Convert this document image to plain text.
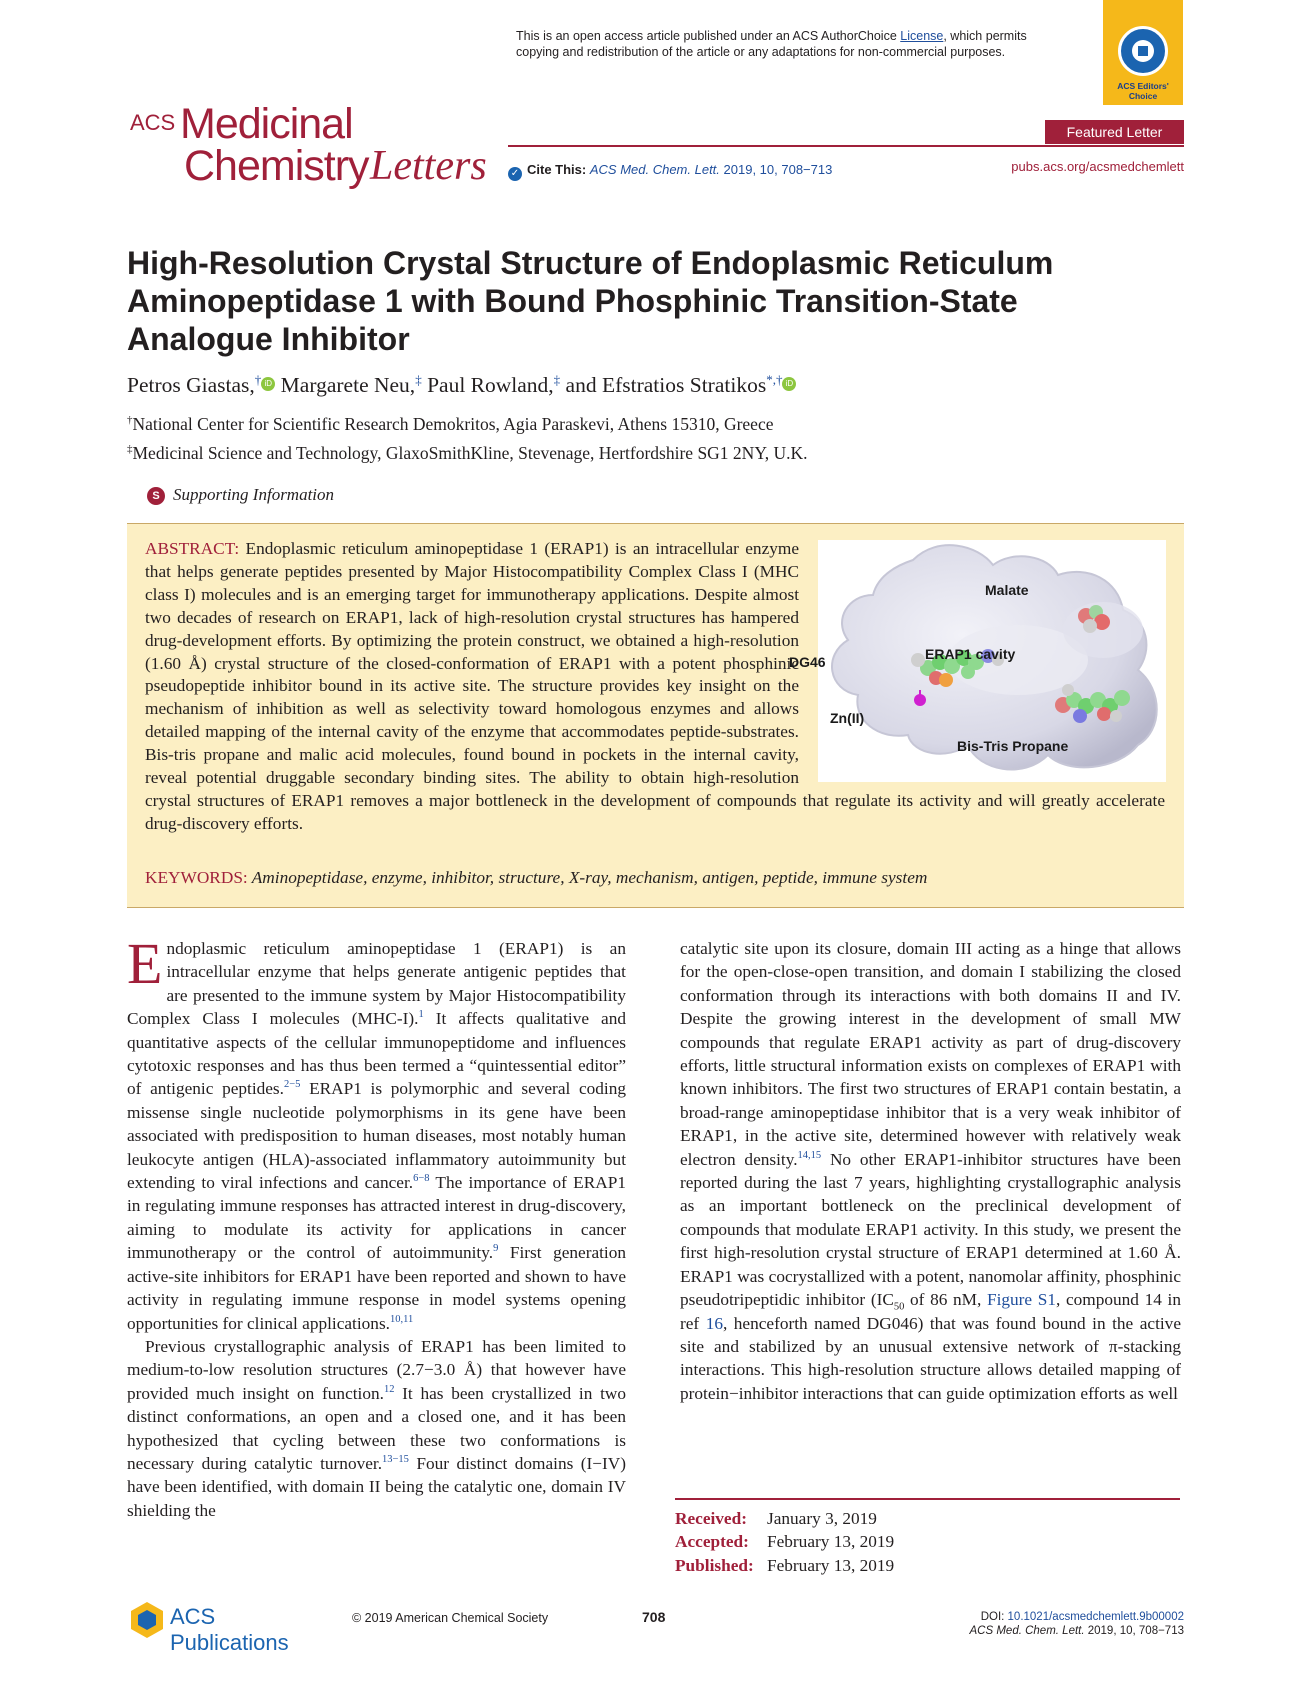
This is an open access article published under an ACS AuthorChoice License, which permits
copying and redistribution of the article or any adaptations for non-commercial purposes.
ACS Editors' Choice
ACS Medicinal
Chemistry Letters
Featured Letter
✓ Cite This: ACS Med. Chem. Lett. 2019, 10, 708−713	pubs.acs.org/acsmedchemlett
High-Resolution Crystal Structure of Endoplasmic Reticulum Aminopeptidase 1 with Bound Phosphinic Transition-State Analogue Inhibitor
Petros Giastas,† iD Margarete Neu,‡ Paul Rowland,‡ and Efstratios Stratikos*,† iD
†National Center for Scientific Research Demokritos, Agia Paraskevi, Athens 15310, Greece
‡Medicinal Science and Technology, GlaxoSmithKline, Stevenage, Hertfordshire SG1 2NY, U.K.
S Supporting Information
ABSTRACT: Endoplasmic reticulum aminopeptidase 1 (ERAP1) is an intracellular enzyme that helps generate peptides presented by Major Histocompatibility Complex Class I (MHC class I) molecules and is an emerging target for immunotherapy applications. Despite almost two decades of research on ERAP1, lack of high-resolution crystal structures has hampered drug-development efforts. By optimizing the protein construct, we obtained a high-resolution (1.60 Å) crystal structure of the closed-conformation of ERAP1 with a potent phosphinic pseudopeptide inhibitor bound in its active site. The structure provides key insight on the mechanism of inhibition as well as selectivity toward homologous enzymes and allows detailed mapping of the internal cavity of the enzyme that accommodates peptide-substrates. Bis-tris propane and malic acid molecules, found bound in pockets in the internal cavity, reveal potential druggable secondary binding sites. The ability to obtain high-resolution crystal structures of ERAP1 removes a major bottleneck in the development of compounds that regulate its activity and will greatly accelerate drug-discovery efforts.
KEYWORDS: Aminopeptidase, enzyme, inhibitor, structure, X-ray, mechanism, antigen, peptide, immune system
Malate
ERAP1 cavity
DG46
Zn(II)
Bis-Tris Propane

Endoplasmic reticulum aminopeptidase 1 (ERAP1) is an intracellular enzyme that helps generate antigenic peptides that are presented to the immune system by Major Histocompatibility Complex Class I molecules (MHC-I).$^1$ It affects qualitative and quantitative aspects of the cellular immunopeptidome and influences cytotoxic responses and has thus been termed a “quintessential editor” of antigenic peptides.$^{2-5}$ ERAP1 is polymorphic and several coding missense single nucleotide polymorphisms in its gene have been associated with predisposition to human diseases, most notably human leukocyte antigen (HLA)-associated inflammatory autoimmunity but extending to viral infections and cancer.$^{6-8}$ The importance of ERAP1 in regulating immune responses has attracted interest in drug-discovery, aiming to modulate its activity for applications in cancer immunotherapy or the control of autoimmunity.$^9$ First generation active-site inhibitors for ERAP1 have been reported and shown to have activity in regulating immune response in model systems opening opportunities for clinical applications.$^{10,11}$

Previous crystallographic analysis of ERAP1 has been limited to medium-to-low resolution structures (2.7−3.0 Å) that however have provided much insight on function.$^{12}$ It has been crystallized in two distinct conformations, an open and a closed one, and it has been hypothesized that cycling between these two conformations is necessary during catalytic turnover.$^{13-15}$ Four distinct domains (I−IV) have been identified, with domain II being the catalytic one, domain IV shielding the

catalytic site upon its closure, domain III acting as a hinge that allows for the open-close-open transition, and domain I stabilizing the closed conformation through its interactions with both domains II and IV. Despite the growing interest in the development of small MW compounds that regulate ERAP1 activity as part of drug-discovery efforts, little structural information exists on complexes of ERAP1 with known inhibitors. The first two structures of ERAP1 contain bestatin, a broad-range aminopeptidase inhibitor that is a very weak inhibitor of ERAP1, in the active site, determined however with relatively weak electron density.$^{14,15}$ No other ERAP1-inhibitor structures have been reported during the last 7 years, highlighting crystallographic analysis as an important bottleneck on the preclinical development of compounds that modulate ERAP1 activity. In this study, we present the first high-resolution crystal structure of ERAP1 determined at 1.60 Å. ERAP1 was cocrystallized with a potent, nanomolar affinity, phosphinic pseudotripeptidic inhibitor ($IC_{50}$ of 86 nM, Figure S1, compound 14 in ref 16, henceforth named DG046) that was found bound in the active site and stabilized by an unusual extensive network of π-stacking interactions. This high-resolution structure allows detailed mapping of protein−inhibitor interactions that can guide optimization efforts as well

Received:	January 3, 2019
Accepted:	February 13, 2019
Published: February 13, 2019
ACS Publications
© 2019 American Chemical Society	708	DOI: 10.1021/acsmedchemlett.9b00002
ACS Med. Chem. Lett. 2019, 10, 708−713
